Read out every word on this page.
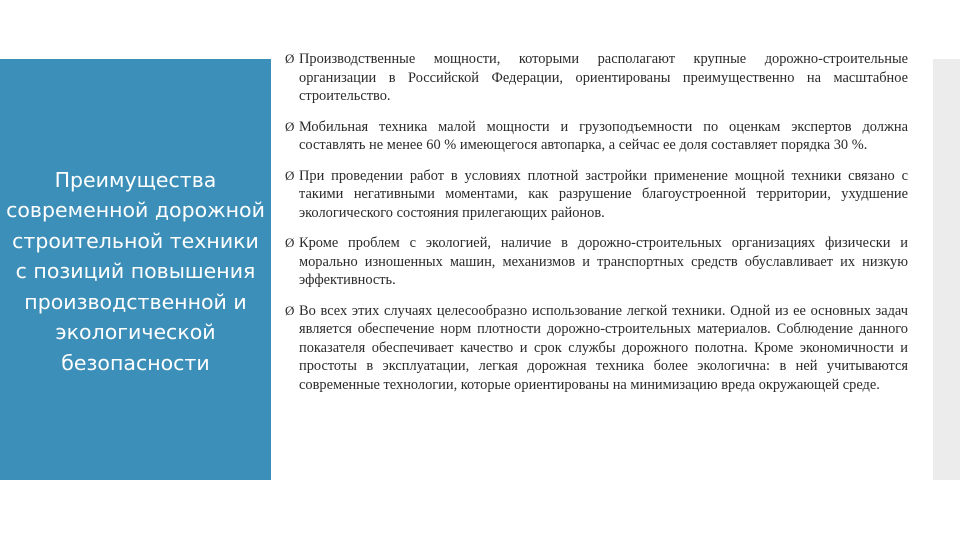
Преимущества современной дорожной строительной техники с позиций повышения производственной и экологической безопасности
Ø Производственные мощности, которыми располагают крупные дорожно-строительные организации в Российской Федерации, ориентированы преимущественно на масштабное строительство.
Ø Мобильная техника малой мощности и грузоподъемности по оценкам экспертов должна составлять не менее 60 % имеющегося автопарка, а сейчас ее доля составляет порядка 30 %.
Ø При проведении работ в условиях плотной застройки применение мощной техники связано с такими негативными моментами, как разрушение благоустроенной территории, ухудшение экологического состояния прилегающих районов.
Ø Кроме проблем с экологией, наличие в дорожно-строительных организациях физически и морально изношенных машин, механизмов и транспортных средств обуславливает их низкую эффективность.
Ø Во всех этих случаях целесообразно использование легкой техники. Одной из ее основных задач является обеспечение норм плотности дорожно-строительных материалов. Соблюдение данного показателя обеспечивает качество и срок службы дорожного полотна. Кроме экономичности и простоты в эксплуатации, легкая дорожная техника более экологична: в ней учитываются современные технологии, которые ориентированы на минимизацию вреда окружающей среде.
